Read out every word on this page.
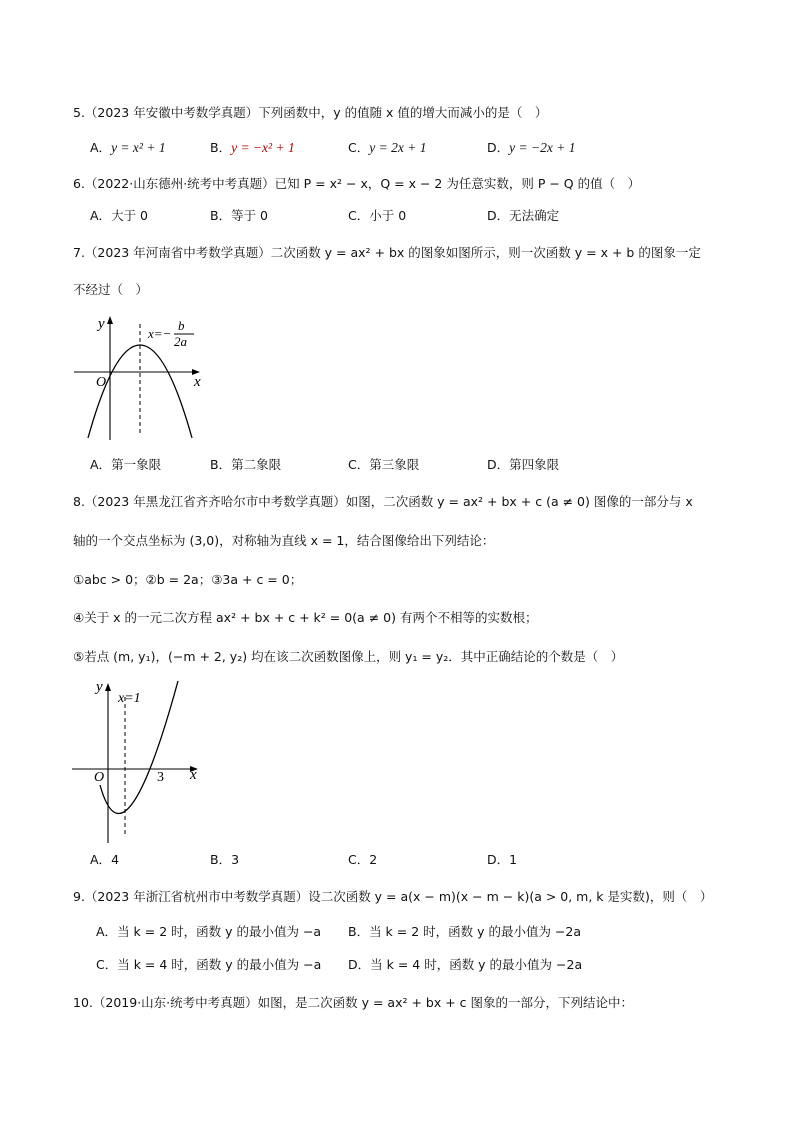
5.（2023 年安徽中考数学真题）下列函数中，y 的值随 x 值的增大而减小的是（　）
A．y = x² + 1	B．y = −x² + 1	C．y = 2x + 1	D．y = −2x + 1
6.（2022·山东德州·统考中考真题）已知 P = x² − x，Q = x − 2 为任意实数，则 P − Q 的值（　）
A．大于 0	B．等于 0	C．小于 0	D．无法确定
7.（2023 年河南省中考数学真题）二次函数 y = ax² + bx 的图象如图所示，则一次函数 y = x + b 的图象一定
不经过（　）
y
x
O
x=−
b
2a
A．第一象限	B．第二象限	C．第三象限	D．第四象限
8.（2023 年黑龙江省齐齐哈尔市中考数学真题）如图，二次函数 y = ax² + bx + c (a ≠ 0) 图像的一部分与 x
轴的一个交点坐标为 (3,0)，对称轴为直线 x = 1，结合图像给出下列结论：
①abc > 0；②b = 2a；③3a + c = 0；
④关于 x 的一元二次方程 ax² + bx + c + k² = 0(a ≠ 0) 有两个不相等的实数根；
⑤若点 (m, y₁)，(−m + 2, y₂) 均在该二次函数图像上，则 y₁ = y₂．其中正确结论的个数是（　）
y
x
O
x=1
3
A．4	B．3	C．2	D．1
9.（2023 年浙江省杭州市中考数学真题）设二次函数 y = a(x − m)(x − m − k)(a > 0, m, k 是实数)，则（　）
A．当 k = 2 时，函数 y 的最小值为 −a B．当 k = 2 时，函数 y 的最小值为 −2a
C．当 k = 4 时，函数 y 的最小值为 −a D．当 k = 4 时，函数 y 的最小值为 −2a
10.（2019·山东·统考中考真题）如图，是二次函数 y = ax² + bx + c 图象的一部分，下列结论中：
